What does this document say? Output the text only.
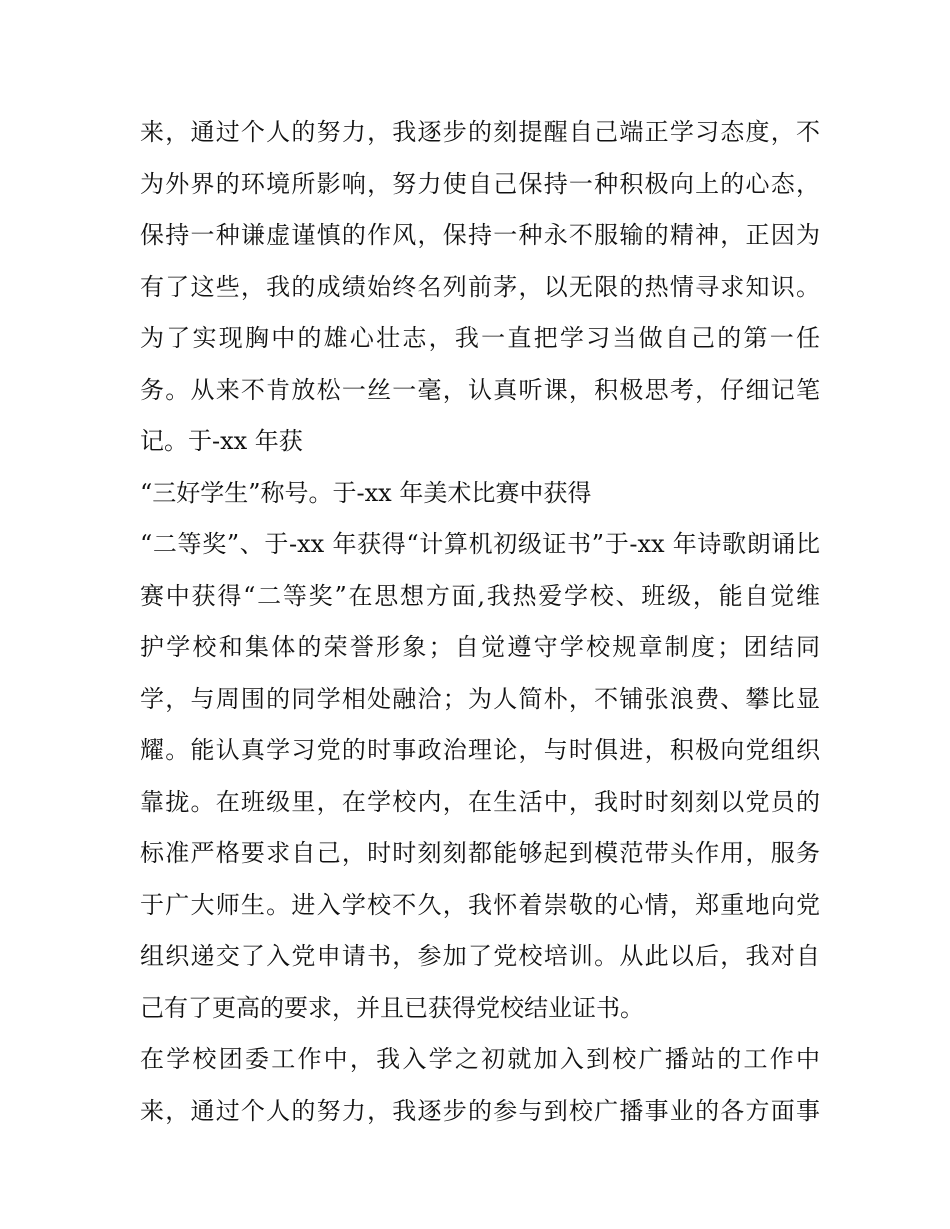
来，通过个人的努力，我逐步的刻提醒自己端正学习态度，不
为外界的环境所影响，努力使自己保持一种积极向上的心态，
保持一种谦虚谨慎的作风，保持一种永不服输的精神，正因为
有了这些，我的成绩始终名列前茅，以无限的热情寻求知识。
为了实现胸中的雄心壮志，我一直把学习当做自己的第一任
务。从来不肯放松一丝一毫，认真听课，积极思考，仔细记笔
记。于-xx 年获
“三好学生”称号。于-xx 年美术比赛中获得
“二等奖”、于-xx 年获得“计算机初级证书”于-xx 年诗歌朗诵比
赛中获得“二等奖”在思想方面,我热爱学校、班级，能自觉维
护学校和集体的荣誉形象；自觉遵守学校规章制度；团结同
学，与周围的同学相处融洽；为人简朴，不铺张浪费、攀比显
耀。能认真学习党的时事政治理论，与时俱进，积极向党组织
靠拢。在班级里，在学校内，在生活中，我时时刻刻以党员的
标准严格要求自己，时时刻刻都能够起到模范带头作用，服务
于广大师生。进入学校不久，我怀着崇敬的心情，郑重地向党
组织递交了入党申请书，参加了党校培训。从此以后，我对自
己有了更高的要求，并且已获得党校结业证书。
在学校团委工作中，我入学之初就加入到校广播站的工作中
来，通过个人的努力，我逐步的参与到校广播事业的各方面事
